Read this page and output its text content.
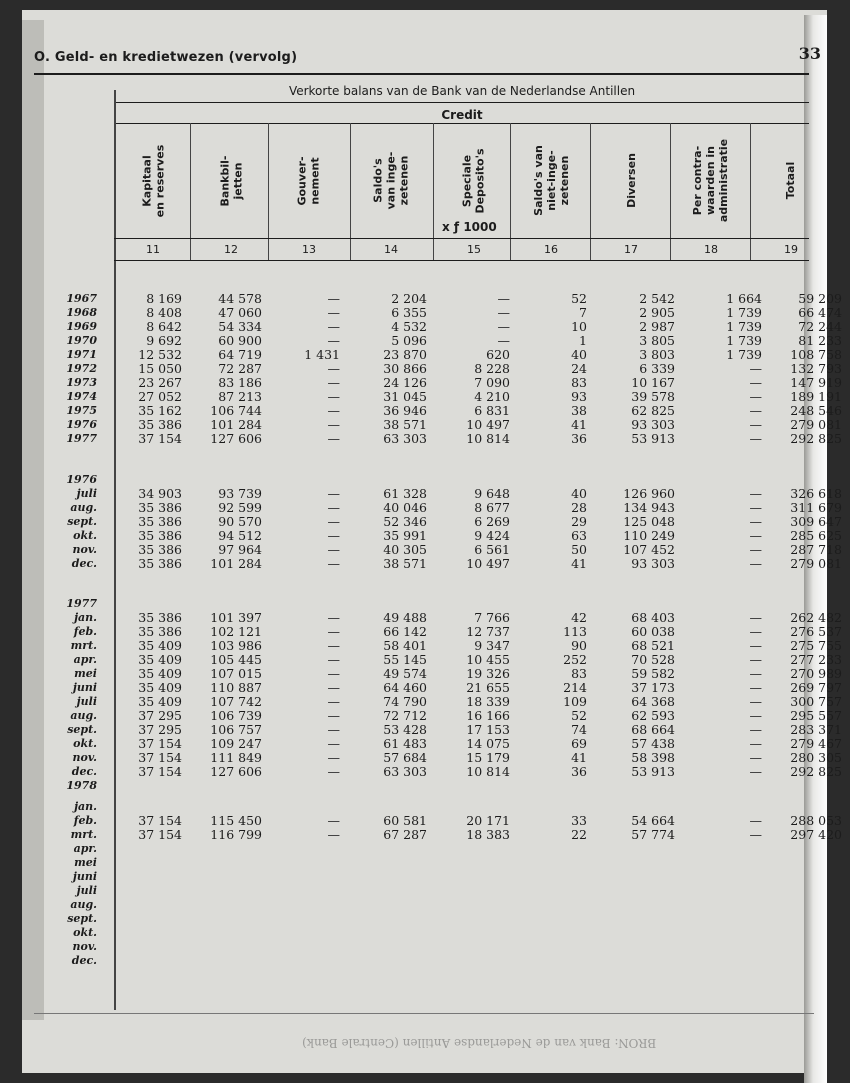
O. Geld- en kredietwezen (vervolg)	33
Verkorte balans van de Bank van de Nederlandse Antillen
Credit
Kapitaal
en reserves
11
Bankbil-
jetten
12
Gouver-
nement
13
Saldo's
van inge-
zetenen
14
Speciale
Deposito's
15
Saldo's van
niet-inge-
zetenen
16
Diversen
17
Per contra-
waarden in
administratie
18
Totaal
19
x ƒ 1000
1967	8 169	44 578	—	2 204	—	52	2 542	1 664	59 209
1968	8 408	47 060	—	6 355	—	7	2 905	1 739	66 474
1969	8 642	54 334	—	4 532	—	10	2 987	1 739	72 244
1970	9 692	60 900	—	5 096	—	1	3 805	1 739	81 233
1971	12 532	64 719	1 431	23 870	620	40	3 803	1 739	108 758
1972	15 050	72 287	—	30 866	8 228	24	6 339	—	132 793
1973	23 267	83 186	—	24 126	7 090	83	10 167	—	147 919
1974	27 052	87 213	—	31 045	4 210	93	39 578	—	189 191
1975	35 162	106 744	—	36 946	6 831	38	62 825	—	248 546
1976	35 386	101 284	—	38 571	10 497	41	93 303	—	279 081
1977	37 154	127 606	—	63 303	10 814	36	53 913	—	292 825
1976
juli	34 903	93 739	—	61 328	9 648	40	126 960	—	326 618
aug.	35 386	92 599	—	40 046	8 677	28	134 943	—	311 679
sept.	35 386	90 570	—	52 346	6 269	29	125 048	—	309 647
okt.	35 386	94 512	—	35 991	9 424	63	110 249	—	285 625
nov.	35 386	97 964	—	40 305	6 561	50	107 452	—	287 718
dec.	35 386	101 284	—	38 571	10 497	41	93 303	—	279 081
1977
jan.	35 386	101 397	—	49 488	7 766	42	68 403	—	262 482
feb.	35 386	102 121	—	66 142	12 737	113	60 038	—	276 537
mrt.	35 409	103 986	—	58 401	9 347	90	68 521	—	275 755
apr.	35 409	105 445	—	55 145	10 455	252	70 528	—	277 233
mei	35 409	107 015	—	49 574	19 326	83	59 582	—	270 989
juni	35 409	110 887	—	64 460	21 655	214	37 173	—	269 797
juli	35 409	107 742	—	74 790	18 339	109	64 368	—	300 757
aug.	37 295	106 739	—	72 712	16 166	52	62 593	—	295 557
sept.	37 295	106 757	—	53 428	17 153	74	68 664	—	283 371
okt.	37 154	109 247	—	61 483	14 075	69	57 438	—	279 467
nov.	37 154	111 849	—	57 684	15 179	41	58 398	—	280 305
dec.	37 154	127 606	—	63 303	10 814	36	53 913	—	292 825
1978
jan.
feb.	37 154	115 450	—	60 581	20 171	33	54 664	—	288 053
mrt.	37 154	116 799	—	67 287	18 383	22	57 774	—	297 420
apr.
mei
juni
juli
aug.
sept.
okt.
nov.
dec.
BRON: Bank van de Nederlandse Antillen (Centrale Bank)
